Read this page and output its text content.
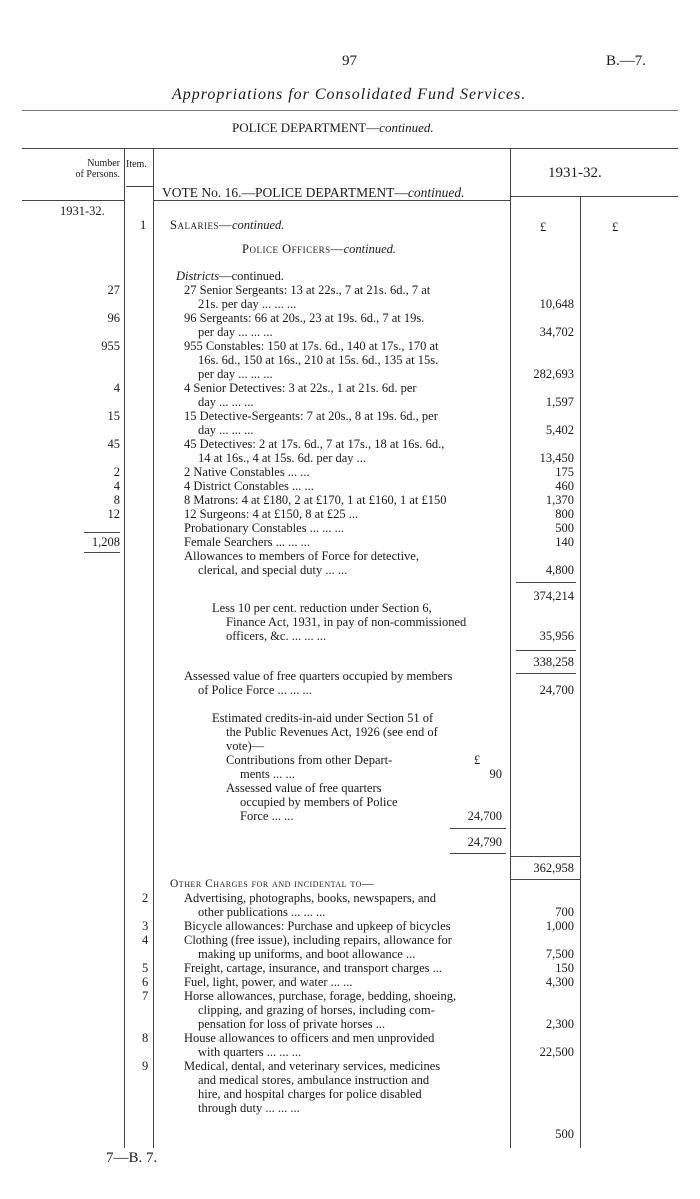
97	B.—7.
Appropriations for Consolidated Fund Services.
POLICE DEPARTMENT—continued.
Number
of Persons.
Item.
1931-32.
VOTE No. 16.—POLICE DEPARTMENT—continued.
1931-32.
£	£
1 Salaries—continued.
Police Officers—continued.
Districts—continued.
27	27 Senior Sergeants: 13 at 22s., 7 at 21s. 6d., 7 at
21s. per day ... ... ...	10,648
96	96 Sergeants: 66 at 20s., 23 at 19s. 6d., 7 at 19s.
per day ... ... ...	34,702
955	955 Constables: 150 at 17s. 6d., 140 at 17s., 170 at
16s. 6d., 150 at 16s., 210 at 15s. 6d., 135 at 15s.
per day ... ... ...	282,693
4	4 Senior Detectives: 3 at 22s., 1 at 21s. 6d. per
day ... ... ...	1,597
15	15 Detective-Sergeants: 7 at 20s., 8 at 19s. 6d., per
day ... ... ...	5,402
45	45 Detectives: 2 at 17s. 6d., 7 at 17s., 18 at 16s. 6d.,
14 at 16s., 4 at 15s. 6d. per day ...	13,450
2	2 Native Constables ... ...	175
4	4 District Constables ... ...	460
8	8 Matrons: 4 at £180, 2 at £170, 1 at £160, 1 at £150	1,370
12	12 Surgeons: 4 at £150, 8 at £25 ...	800
Probationary Constables ... ... ...	500
Female Searchers ... ... ...	140
1,208
Allowances to members of Force for detective,
clerical, and special duty ... ...	4,800
374,214
Less 10 per cent. reduction under Section 6,
Finance Act, 1931, in pay of non-commissioned
officers, &c. ... ... ...	35,956
338,258
Assessed value of free quarters occupied by members
of Police Force ... ... ...	24,700
Estimated credits-in-aid under Section 51 of
the Public Revenues Act, 1926 (see end of
vote)—
Contributions from other Depart-	£
ments ... ...	90
Assessed value of free quarters
occupied by members of Police
Force ... ...	24,700
24,790
362,958
Other Charges for and incidental to—
2	Advertising, photographs, books, newspapers, and
other publications ... ... ...	700
3	Bicycle allowances: Purchase and upkeep of bicycles	1,000
4	Clothing (free issue), including repairs, allowance for
making up uniforms, and boot allowance ...	7,500
5	Freight, cartage, insurance, and transport charges ...	150
6	Fuel, light, power, and water ... ...	4,300
7	Horse allowances, purchase, forage, bedding, shoeing,
clipping, and grazing of horses, including com-
pensation for loss of private horses ...	2,300
8	House allowances to officers and men unprovided
with quarters ... ... ...	22,500
9	Medical, dental, and veterinary services, medicines
and medical stores, ambulance instruction and
hire, and hospital charges for police disabled
through duty ... ... ...
500
7—B. 7.
